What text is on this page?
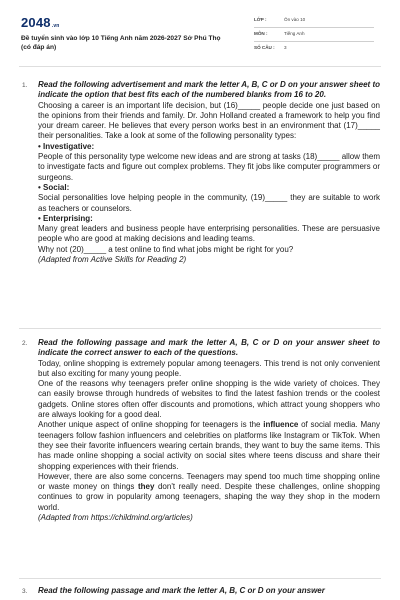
2048.vn
Đề tuyển sinh vào lớp 10 Tiếng Anh năm 2026-2027 Sở Phú Thọ (có đáp án)
LỚP :	Ôn vào 10
MÔN :	Tiếng Anh
SỐ CÂU : 3
1. Read the following advertisement and mark the letter A, B, C or D on your answer sheet to indicate the option that best fits each of the numbered blanks from 16 to 20.

Choosing a career is an important life decision, but (16)_____ people decide one just based on the opinions from their friends and family. Dr. John Holland created a framework to help you find your dream career. He believes that every person works best in an environment that (17)_____ their personalities. Take a look at some of the following personality types:

• Investigative:

People of this personality type welcome new ideas and are strong at tasks (18)_____ allow them to investigate facts and figure out complex problems. They fit jobs like computer programmers or surgeons.

• Social:

Social personalities love helping people in the community, (19)_____ they are suitable to work as teachers or counselors.

• Enterprising:

Many great leaders and business people have enterprising personalities. These are persuasive people who are good at making decisions and leading teams.

Why not (20)_____ a test online to find what jobs might be right for you?

(Adapted from Active Skills for Reading 2)

2. Read the following passage and mark the letter A, B, C or D on your answer sheet to indicate the correct answer to each of the questions.

Today, online shopping is extremely popular among teenagers. This trend is not only convenient but also exciting for many young people.

One of the reasons why teenagers prefer online shopping is the wide variety of choices. They can easily browse through hundreds of websites to find the latest fashion trends or the coolest gadgets. Online stores often offer discounts and promotions, which attract young shoppers who are always looking for a good deal.

Another unique aspect of online shopping for teenagers is the influence of social media. Many teenagers follow fashion influencers and celebrities on platforms like Instagram or TikTok. When they see their favorite influencers wearing certain brands, they want to buy the same items. This has made online shopping a social activity on social sites where teens discuss and share their shopping experiences with their friends.

However, there are also some concerns. Teenagers may spend too much time shopping online or waste money on things they don't really need. Despite these challenges, online shopping continues to grow in popularity among teenagers, shaping the way they shop in the modern world.

(Adapted from https://childmind.org/articles)

3. Read the following passage and mark the letter A, B, C or D on your answer
